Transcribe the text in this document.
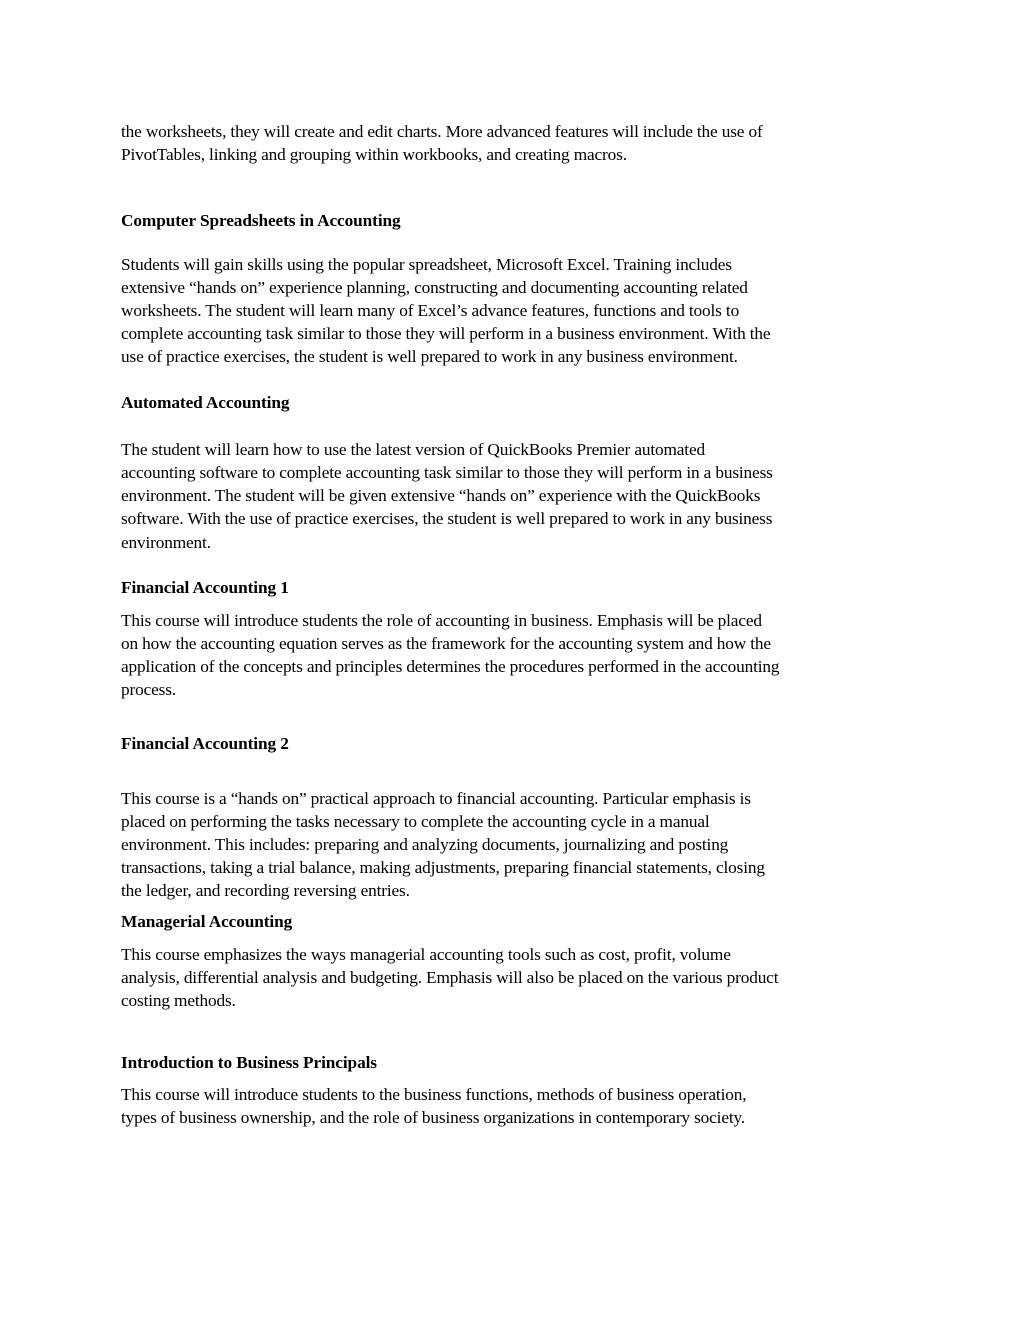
the worksheets, they will create and edit charts. More advanced features will include the use of
PivotTables, linking and grouping within workbooks, and creating macros.
Computer Spreadsheets in Accounting
Students will gain skills using the popular spreadsheet, Microsoft Excel. Training includes
extensive “hands on” experience planning, constructing and documenting accounting related
worksheets. The student will learn many of Excel’s advance features, functions and tools to
complete accounting task similar to those they will perform in a business environment. With the
use of practice exercises, the student is well prepared to work in any business environment.
Automated Accounting
The student will learn how to use the latest version of QuickBooks Premier automated
accounting software to complete accounting task similar to those they will perform in a business
environment. The student will be given extensive “hands on” experience with the QuickBooks
software. With the use of practice exercises, the student is well prepared to work in any business
environment.
Financial Accounting 1
This course will introduce students the role of accounting in business. Emphasis will be placed
on how the accounting equation serves as the framework for the accounting system and how the
application of the concepts and principles determines the procedures performed in the accounting
process.
Financial Accounting 2
This course is a “hands on” practical approach to financial accounting. Particular emphasis is
placed on performing the tasks necessary to complete the accounting cycle in a manual
environment. This includes: preparing and analyzing documents, journalizing and posting
transactions, taking a trial balance, making adjustments, preparing financial statements, closing
the ledger, and recording reversing entries.
Managerial Accounting
This course emphasizes the ways managerial accounting tools such as cost, profit, volume
analysis, differential analysis and budgeting. Emphasis will also be placed on the various product
costing methods.
Introduction to Business Principals
This course will introduce students to the business functions, methods of business operation,
types of business ownership, and the role of business organizations in contemporary society.
